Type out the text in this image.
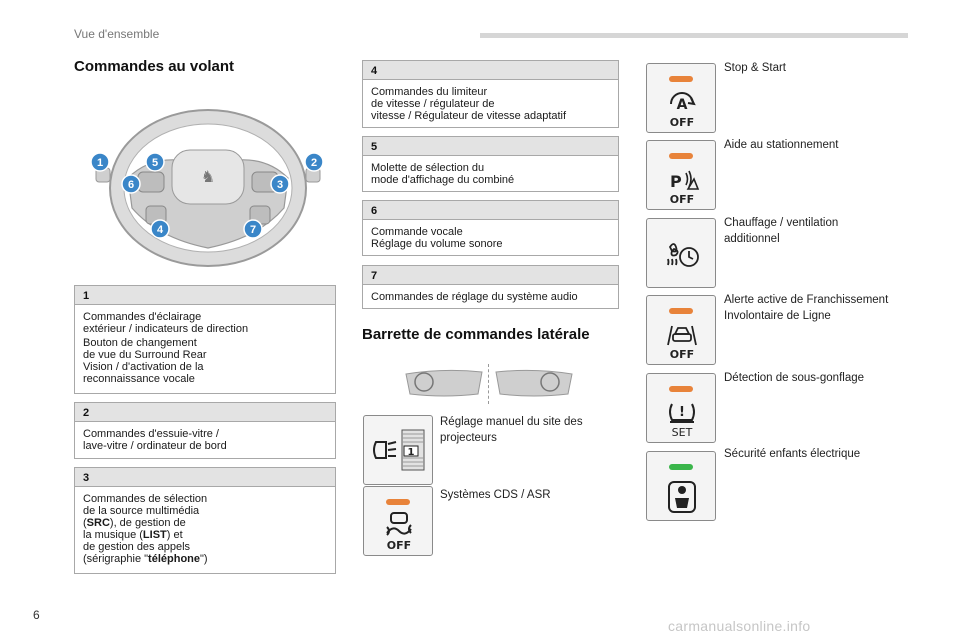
Vue d'ensemble
Commandes au volant
♞
1	5
6
4
2
3
7
1

Commandes d'éclairage
extérieur / indicateurs de direction

Bouton de changement
de vue du Surround Rear
Vision / d'activation de la
reconnaissance vocale

2
Commandes d'essuie-vitre /
lave-vitre / ordinateur de bord
3
Commandes de sélection
de la source multimédia
(SRC), de gestion de
la musique (LIST) et
de gestion des appels
(sérigraphie "téléphone")
4
Commandes du limiteur
de vitesse / régulateur de
vitesse / Régulateur de vitesse adaptatif
5
Molette de sélection du
mode d'affichage du combiné
6
Commande vocale
Réglage du volume sonore
7
Commandes de réglage du système audio
Barrette de commandes latérale
1
Réglage manuel du site des projecteurs
OFF
Systèmes CDS / ASR
A
OFF
Stop & Start
P
OFF
Aide au stationnement
Chauffage / ventilation additionnel
OFF
Alerte active de Franchissement Involontaire de Ligne
!
SET
Détection de sous-gonflage
Sécurité enfants électrique
6
carmanualsonline.info
